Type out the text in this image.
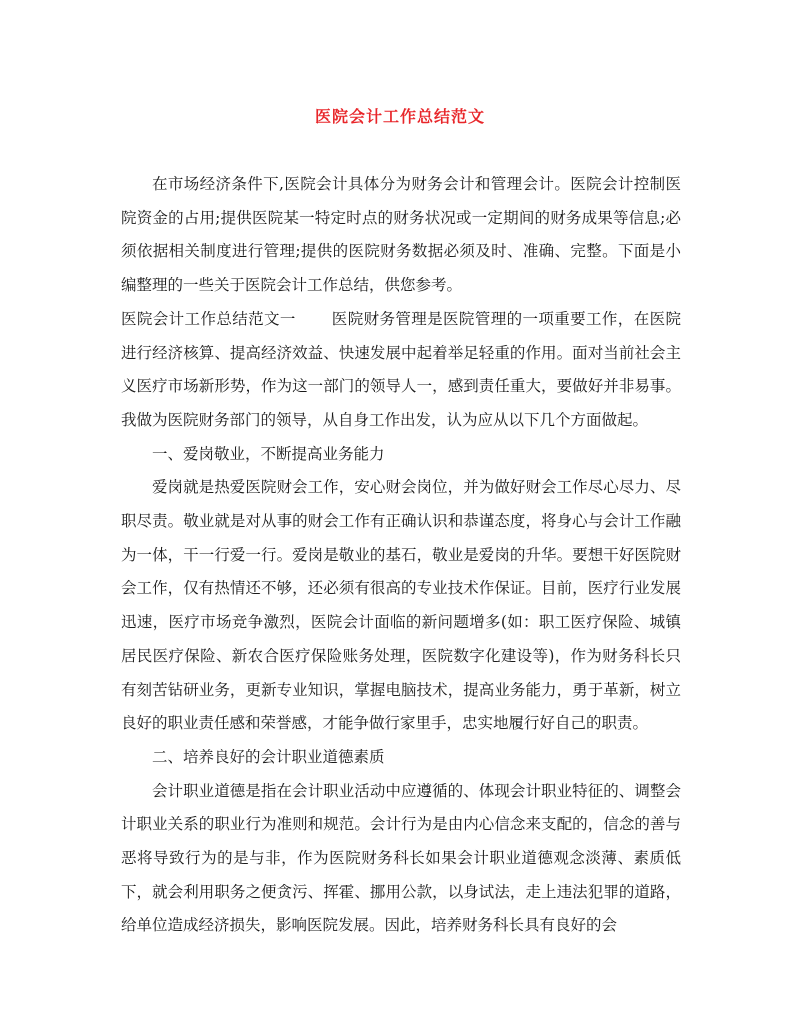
医院会计工作总结范文

在市场经济条件下,医院会计具体分为财务会计和管理会计。医院会计控制医院资金的占用;提供医院某一特定时点的财务状况或一定期间的财务成果等信息;必须依据相关制度进行管理;提供的医院财务数据必须及时、准确、完整。下面是小编整理的一些关于医院会计工作总结，供您参考。

医院会计工作总结范文一 医院财务管理是医院管理的一项重要工作，在医院进行经济核算、提高经济效益、快速发展中起着举足轻重的作用。面对当前社会主义医疗市场新形势，作为这一部门的领导人一，感到责任重大，要做好并非易事。我做为医院财务部门的领导，从自身工作出发，认为应从以下几个方面做起。

一、爱岗敬业，不断提高业务能力

爱岗就是热爱医院财会工作，安心财会岗位，并为做好财会工作尽心尽力、尽职尽责。敬业就是对从事的财会工作有正确认识和恭谨态度，将身心与会计工作融为一体，干一行爱一行。爱岗是敬业的基石，敬业是爱岗的升华。要想干好医院财会工作，仅有热情还不够，还必须有很高的专业技术作保证。目前，医疗行业发展迅速，医疗市场竞争激烈，医院会计面临的新问题增多(如：职工医疗保险、城镇居民医疗保险、新农合医疗保险账务处理，医院数字化建设等)，作为财务科长只有刻苦钻研业务，更新专业知识，掌握电脑技术，提高业务能力，勇于革新，树立良好的职业责任感和荣誉感，才能争做行家里手，忠实地履行好自己的职责。

二、培养良好的会计职业道德素质

会计职业道德是指在会计职业活动中应遵循的、体现会计职业特征的、调整会计职业关系的职业行为准则和规范。会计行为是由内心信念来支配的，信念的善与恶将导致行为的是与非，作为医院财务科长如果会计职业道德观念淡薄、素质低下，就会利用职务之便贪污、挥霍、挪用公款，以身试法，走上违法犯罪的道路，给单位造成经济损失，影响医院发展。因此，培养财务科长具有良好的会
